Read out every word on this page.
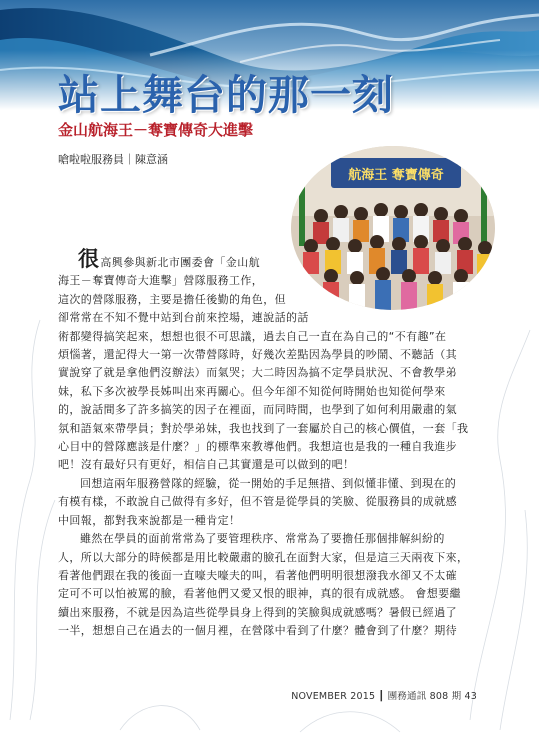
站上舞台的那一刻
金山航海王－奪寶傳奇大進擊

嗆啦啦服務員｜陳意涵

航海王 奪寶傳奇

很高興參與新北市團委會「金山航

海王－奪寶傳奇大進擊」營隊服務工作，

這次的營隊服務，主要是擔任後勤的角色，但

卻常常在不知不覺中站到台前來控場，連說話的話

術都變得搞笑起來，想想也很不可思議，過去自己一直在為自己的“不有趣”在

煩惱著，還記得大一第一次帶營隊時，好幾次差點因為學員的吵鬧、不聽話（其

實說穿了就是拿他們沒辦法）而氣哭；大二時因為搞不定學員狀況、不會教學弟

妹，私下多次被學長姊叫出來再關心。但今年卻不知從何時開始也知從何學來

的，說話間多了許多搞笑的因子在裡面，而同時間，也學到了如何利用嚴肅的氣

氛和語氣來帶學員；對於學弟妹，我也找到了一套屬於自己的核心價值，一套「我

心目中的營隊應該是什麼？」的標準來教導他們。我想這也是我的一種自我進步

吧！沒有最好只有更好，相信自己其實還是可以做到的吧！

回想這兩年服務營隊的經驗，從一開始的手足無措、到似懂非懂、到現在的

有模有樣，不敢說自己做得有多好，但不管是從學員的笑臉、從服務員的成就感

中回報，都對我來說都是一種肯定！

雖然在學員的面前常常為了要管理秩序、常常為了要擔任那個排解糾紛的

人，所以大部分的時候都是用比較嚴肅的臉孔在面對大家，但是這三天兩夜下來，

看著他們跟在我的後面一直嚎夫嚎夫的叫，看著他們明明很想潑我水卻又不太確

定可不可以怕被罵的臉，看著他們又愛又恨的眼神，真的很有成就感。 會想要繼

續出來服務，不就是因為這些從學員身上得到的笑臉與成就感嗎？暑假已經過了

一半，想想自己在過去的一個月裡，在營隊中看到了什麼？體會到了什麼？期待

NOVEMBER 2015 ┃ 團務通訊 808 期 43
